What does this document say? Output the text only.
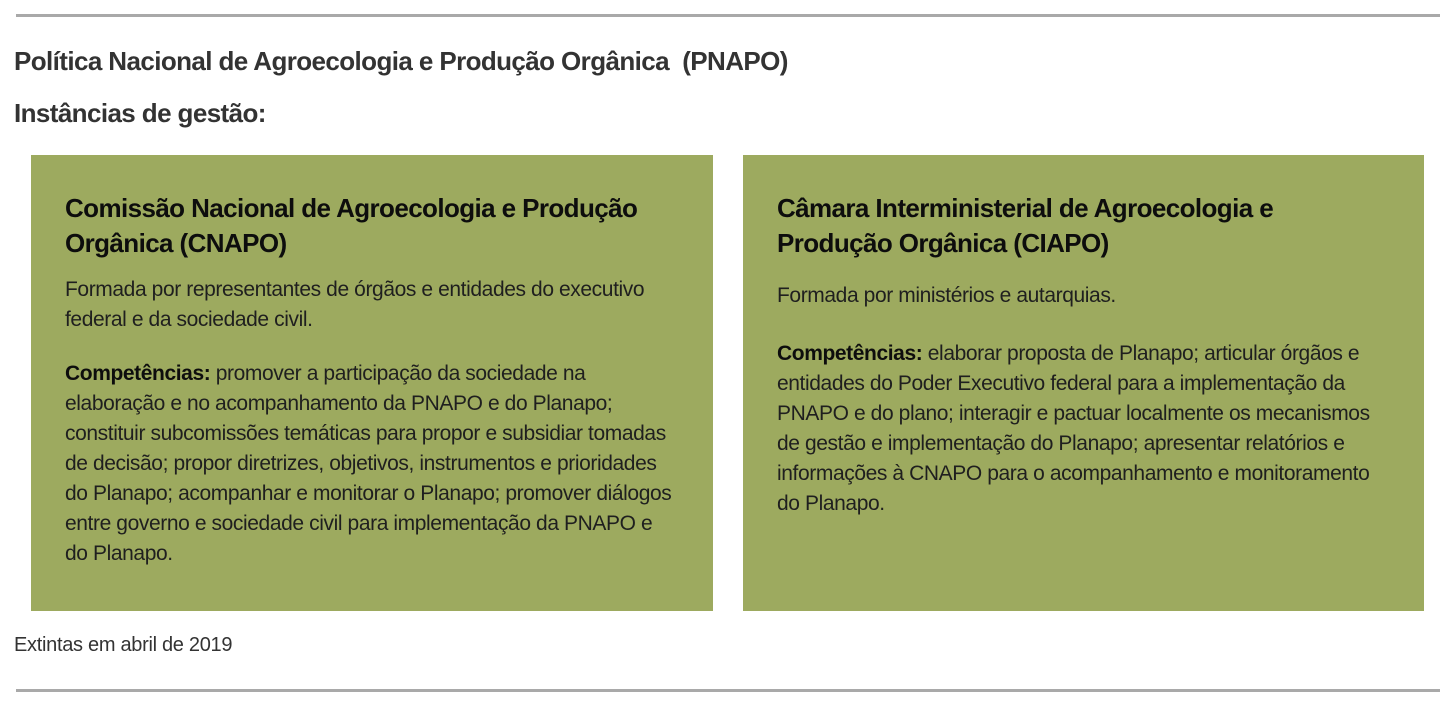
Política Nacional de Agroecologia e Produção Orgânica  (PNAPO)
Instâncias de gestão:
Comissão Nacional de Agroecologia e Produção Orgânica (CNAPO)

Formada por representantes de órgãos e entidades do executivo federal e da sociedade civil.

Competências: promover a participação da sociedade na elaboração e no acompanhamento da PNAPO e do Planapo; constituir subcomissões temáticas para propor e subsidiar tomadas de decisão; propor diretrizes, objetivos, instrumentos e prioridades do Planapo; acompanhar e monitorar o Planapo; promover diálogos entre governo e sociedade civil para implementação da PNAPO e do Planapo.

Câmara Interministerial de Agroecologia e Produção Orgânica (CIAPO)

Formada por ministérios e autarquias.

Competências: elaborar proposta de Planapo; articular órgãos e entidades do Poder Executivo federal para a implementação da PNAPO e do plano; interagir e pactuar localmente os mecanismos de gestão e implementação do Planapo; apresentar relatórios e informações à CNAPO para o acompanhamento e monitoramento do Planapo.

Extintas em abril de 2019
